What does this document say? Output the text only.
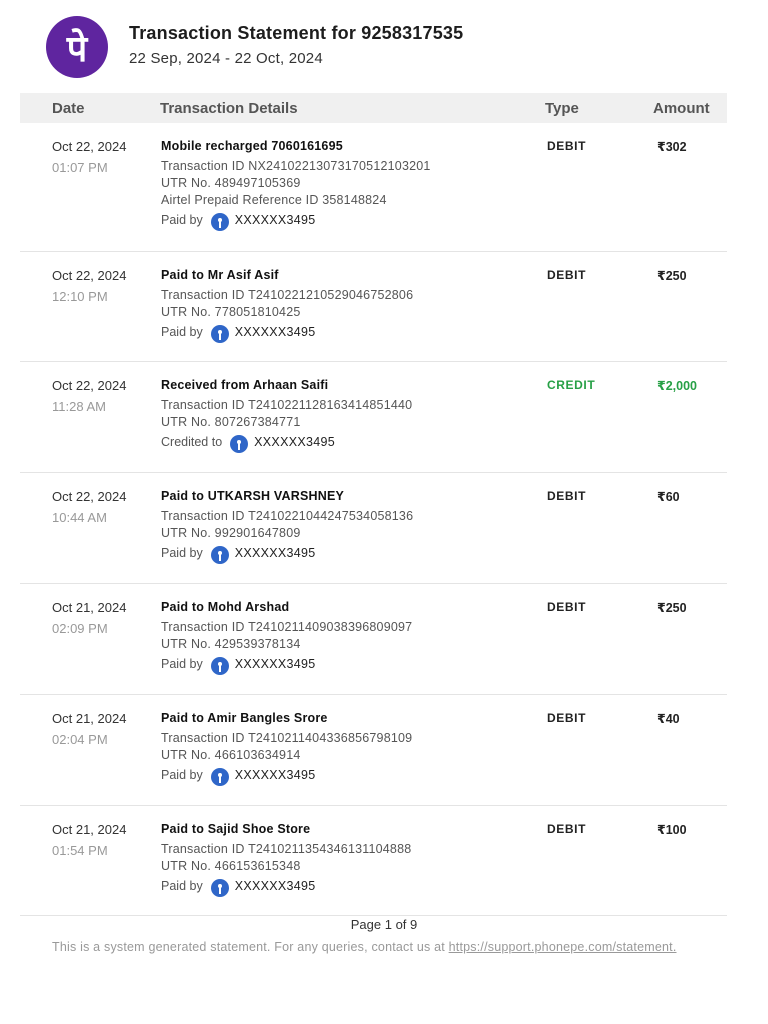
पे	Transaction Statement for 9258317535
22 Sep, 2024 - 22 Oct, 2024
Date	Transaction Details	Type	Amount
Oct 22, 2024
01:07 PM
Mobile recharged 7060161695
Transaction ID NX24102213073170512103201
UTR No. 489497105369
Airtel Prepaid Reference ID 358148824
Paid by	XXXXXX3495
DEBIT	₹302
Oct 22, 2024
12:10 PM
Paid to Mr Asif Asif
Transaction ID T2410221210529046752806
UTR No. 778051810425
Paid by	XXXXXX3495
DEBIT	₹250
Oct 22, 2024
11:28 AM
Received from Arhaan Saifi
Transaction ID T2410221128163414851440
UTR No. 807267384771
Credited to	XXXXXX3495
CREDIT	₹2,000
Oct 22, 2024
10:44 AM
Paid to UTKARSH VARSHNEY
Transaction ID T2410221044247534058136
UTR No. 992901647809
Paid by	XXXXXX3495
DEBIT	₹60
Oct 21, 2024
02:09 PM
Paid to Mohd Arshad
Transaction ID T2410211409038396809097
UTR No. 429539378134
Paid by	XXXXXX3495
DEBIT	₹250
Oct 21, 2024
02:04 PM
Paid to Amir Bangles Srore
Transaction ID T2410211404336856798109
UTR No. 466103634914
Paid by	XXXXXX3495
DEBIT	₹40
Oct 21, 2024
01:54 PM
Paid to Sajid Shoe Store
Transaction ID T2410211354346131104888
UTR No. 466153615348
Paid by	XXXXXX3495
DEBIT	₹100
Page 1 of 9
This is a system generated statement. For any queries, contact us at https://support.phonepe.com/statement.
